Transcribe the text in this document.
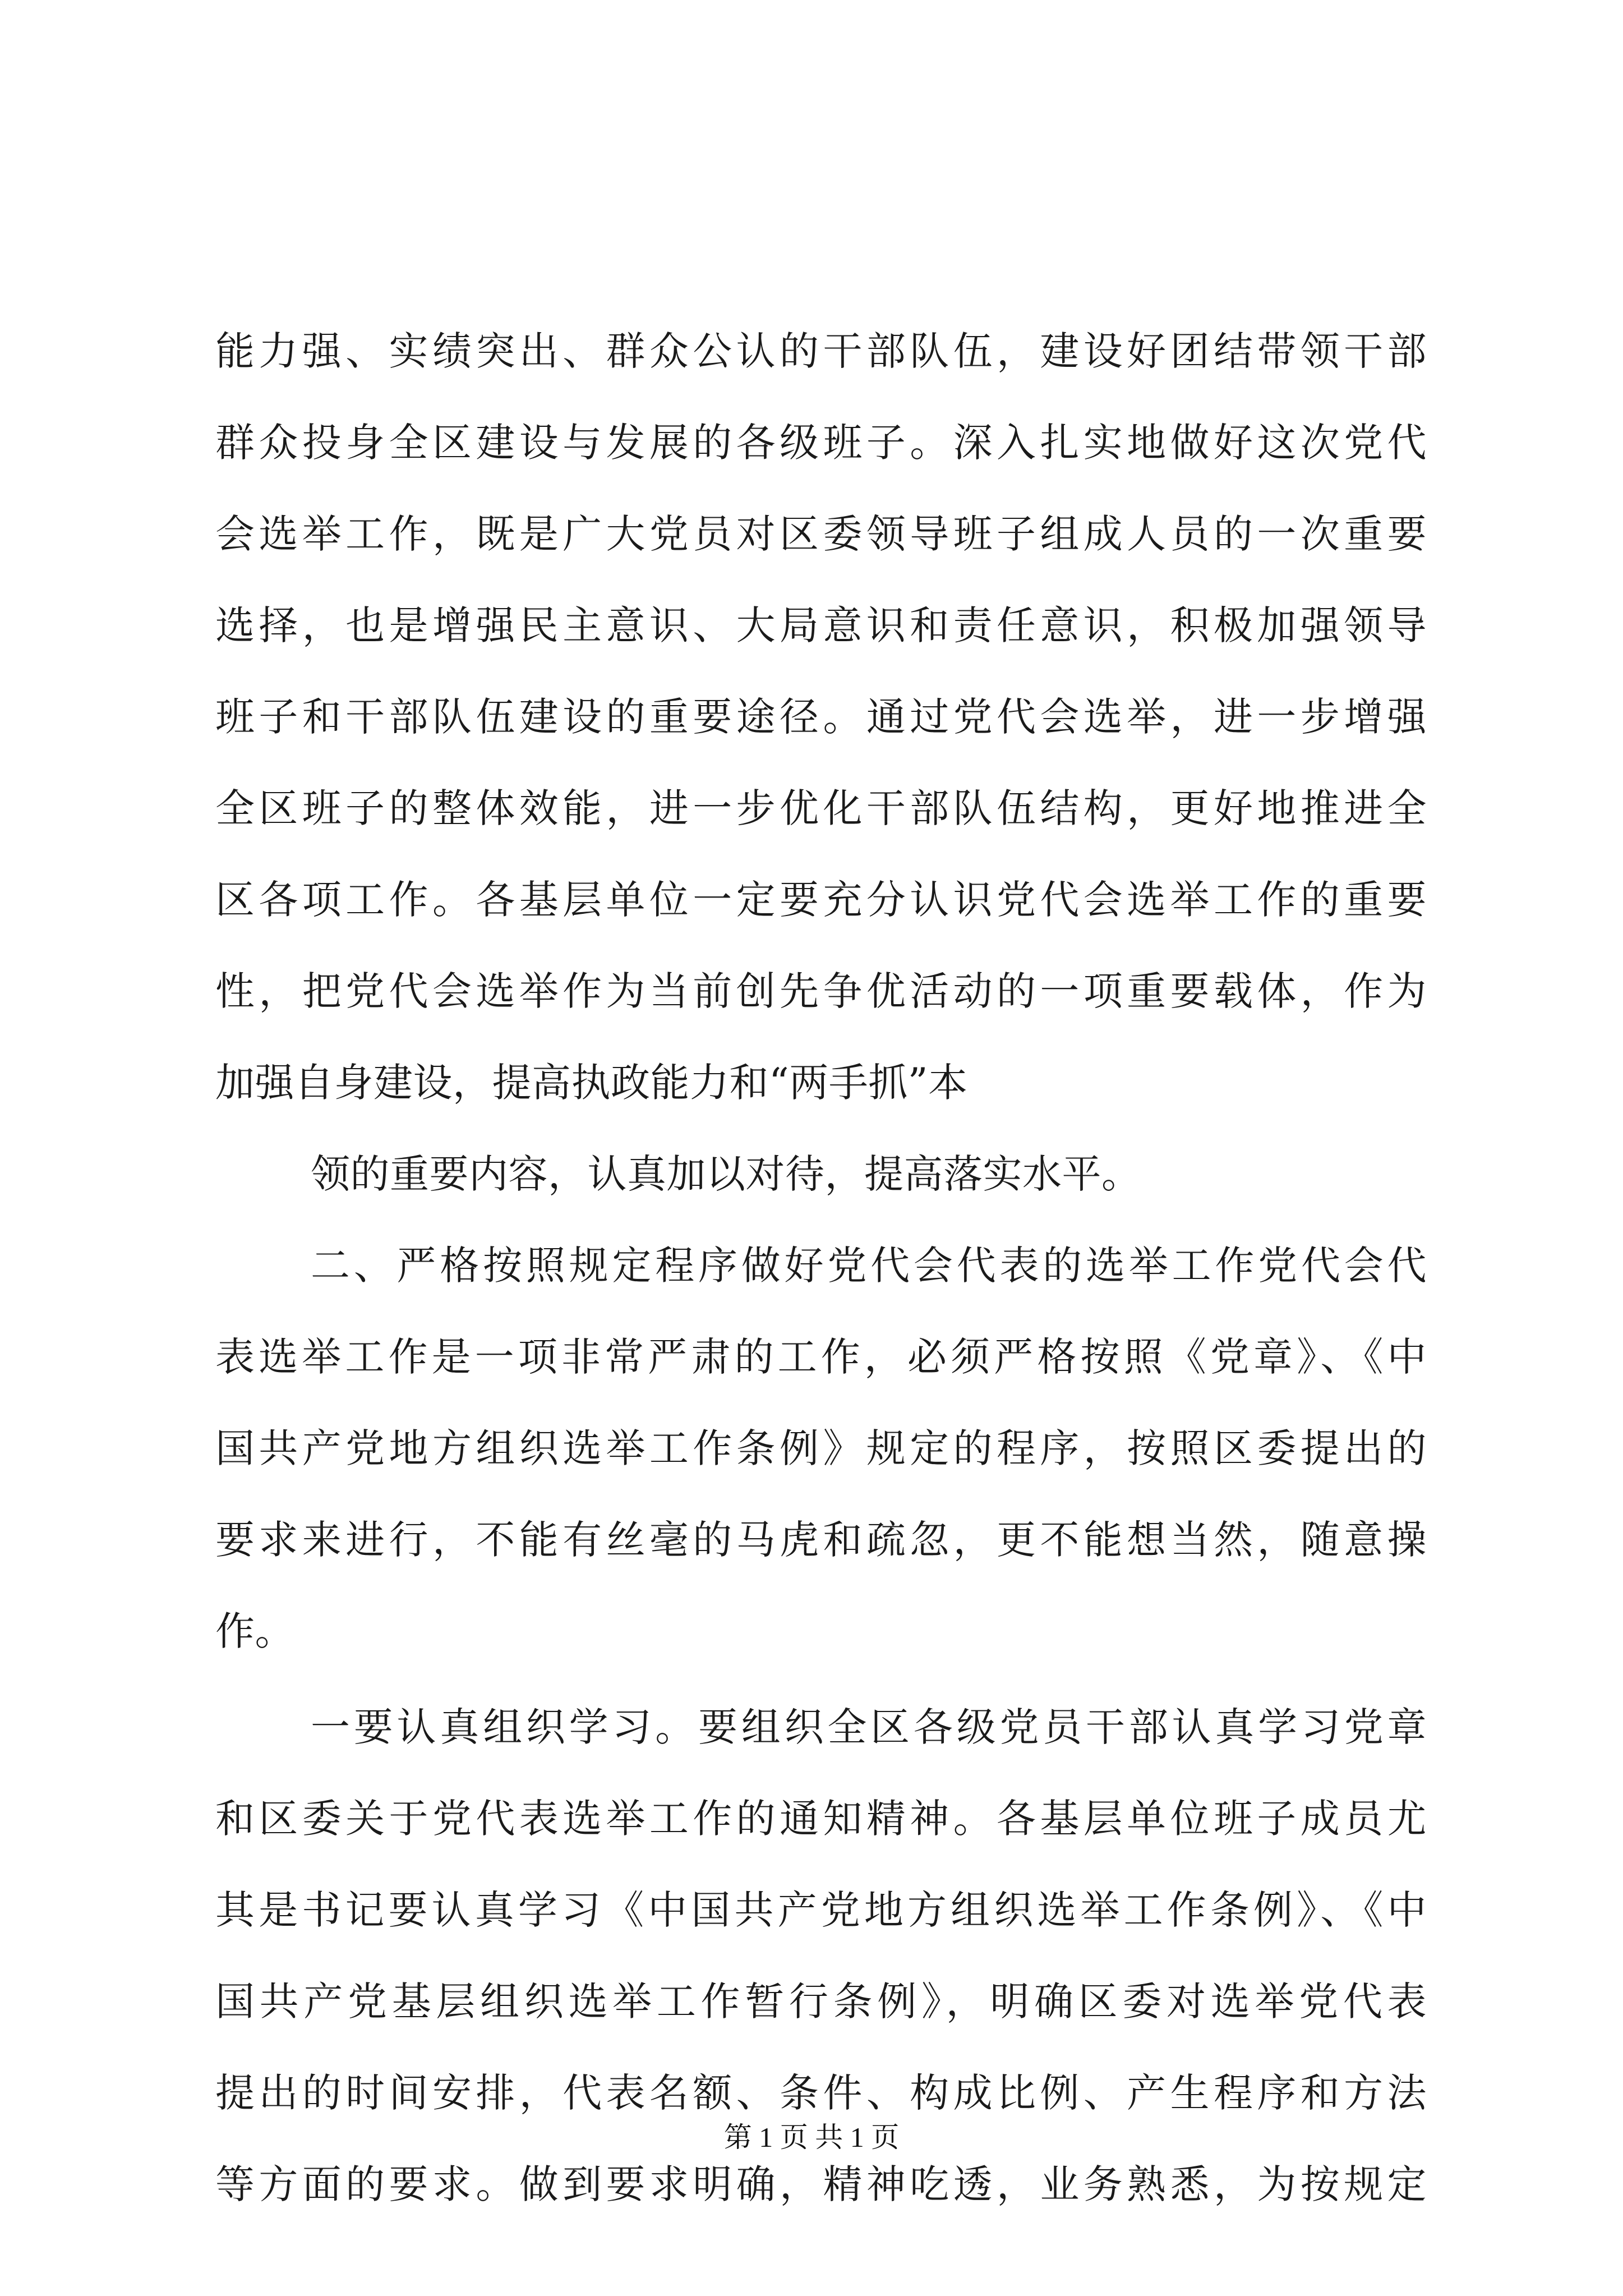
能力强、实绩突出、群众公认的干部队伍，建设好团结带领干部
群众投身全区建设与发展的各级班子。深入扎实地做好这次党代
会选举工作，既是广大党员对区委领导班子组成人员的一次重要
选择，也是增强民主意识、大局意识和责任意识，积极加强领导
班子和干部队伍建设的重要途径。通过党代会选举，进一步增强
全区班子的整体效能，进一步优化干部队伍结构，更好地推进全
区各项工作。各基层单位一定要充分认识党代会选举工作的重要
性，把党代会选举作为当前创先争优活动的一项重要载体，作为
加强自身建设，提高执政能力和“两手抓”本
领的重要内容，认真加以对待，提高落实水平。
二、严格按照规定程序做好党代会代表的选举工作党代会代
表选举工作是一项非常严肃的工作，必须严格按照《党章》、《中
国共产党地方组织选举工作条例》规定的程序，按照区委提出的
要求来进行，不能有丝毫的马虎和疏忽，更不能想当然，随意操
作。
一要认真组织学习。要组织全区各级党员干部认真学习党章
和区委关于党代表选举工作的通知精神。各基层单位班子成员尤
其是书记要认真学习《中国共产党地方组织选举工作条例》、《中
国共产党基层组织选举工作暂行条例》，明确区委对选举党代表
提出的时间安排，代表名额、条件、构成比例、产生程序和方法
等方面的要求。做到要求明确，精神吃透，业务熟悉，为按规定
第 1 页 共 1 页
